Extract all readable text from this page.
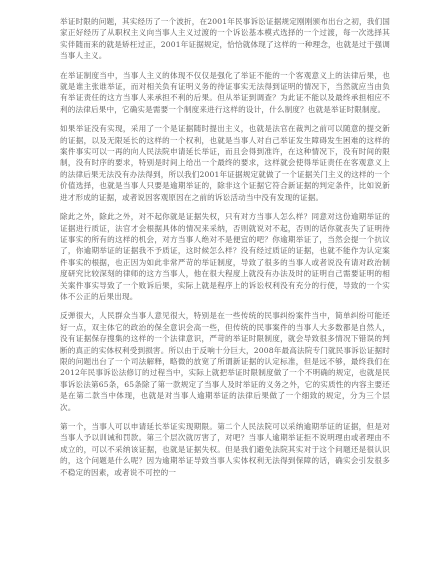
举证时限的问题，其实经历了一个波折，在2001年民事诉讼证据规定刚刚颁布出台之初，我们国家正好经历了从职权主义向当事人主义过渡的一个诉讼基本模式选择的一个过渡，每一次选择其实伴随而来的就是矫枉过正，2001年证据规定，恰恰就体现了这样的一种理念，也就是过于强调当事人主义。

在举证制度当中，当事人主义的体现不仅仅是强化了举证不能的一个客观意义上的法律后果，也就是谁主张谁举证，而对相关负有证明义务的待证事实无法得到证明的情况下，当然就应当由负有举证责任的这方当事人来承担不利的后果。但从举证到调查？为此证不能以及最终承担相应不利的法律后果中，它确实是需要一个制度来进行这样的设计，什么制度？也就是举证时限制度。

如果举证没有实现，采用了一个是证据随时提出主义，也就是法官在裁判之前可以随意的提交新的证据，以及无限延长的这样的一个权利，也就是当事人对自己举证发生障碍发生困难的这样的案件事实可以一再的向人民法院申请延长举证，而且会得到准许，在这种情况下，没有时间的限制，没有时序的要求，特别是时间上给出一个最终的要求，这样就会使得举证责任在客观意义上的法律后果无法没有办法得到，所以我们2001年证据规定就做了一个证据关门主义的这样的一个价值选择，也就是当事人只要是逾期举证的，除非这个证据它符合新证据的判定条件，比如说新进才形成的证据，或者说因客观原因在之前的诉讼活动当中没有发现的证据。

除此之外，除此之外，对不起你就是证据失权，只有对方当事人怎么样？同意对这份逾期举证的证据进行质证，法官才会根据具体的情况来采纳，否则就说对不起，否则的话你就丧失了证明待证事实的所有的这样的机会，对方当事人绝对不是便宜的吧？你逾期举证了，当然会提一个抗议了，你逾期举证的证据我不予质证，这时候怎么样？没有经过质证的证据，也就不能作为认定案件事实的根据，也正因为如此非常严苛的举证制度，导致了很多的当事人或者说没有请对政治制度研究比较深刻的律师的这方当事人，他在很大程度上就没有办法及时的证明自己需要证明的相关案件事实导致了一个败诉后果，实际上就是程序上的诉讼权利没有充分的行使，导致的一个实体不公正的后果出现。

反弹很大，人民群众当事人意见很大，特别是在一些传统的民事纠纷案件当中，简单纠纷可能还好一点，双主体它的政治的保全意识会高一些，但传统的民事案件的当事人大多数都是自然人，没有证据保存搜集的这样的一个法律意识，严苛的举证时限制度，就会导致很多情况下错误的判断的真正的实体权利受到损害。所以由于反响十分巨大，2008年最高法院专门就民事诉讼证据时限的问题出台了一个司法解释，略微的放宽了所谓新证据的认定标准，但是远不够，最终我们在2012年民事诉讼法修订的过程当中，实际上就把举证时限制度做了一个不明确的规定，也就是民事诉讼法第65条，65条除了第一款规定了当事人及时举证的义务之外，它的实质性的内容主要还是在第二款当中体现，也就是对当事人逾期举证的法律后果做了一个细致的规定，分为三个层次。

第一个，当事人可以申请延长举证实现期限。第二个人民法院可以采纳逾期举证的证据，但是对当事人予以训诫和罚款。第三个层次就厉害了，对吧？当事人逾期举证拒不说明理由或者理由不成立的，可以不采纳该证据，也就是证据失权。但是我们避免法院其实对于这个问题还是很认识的，这个问题是什么呢？因为逾期举证导致当事人实体权利无法得到保障的话，确实会引发很多不稳定的因素，或者说不可控的一
